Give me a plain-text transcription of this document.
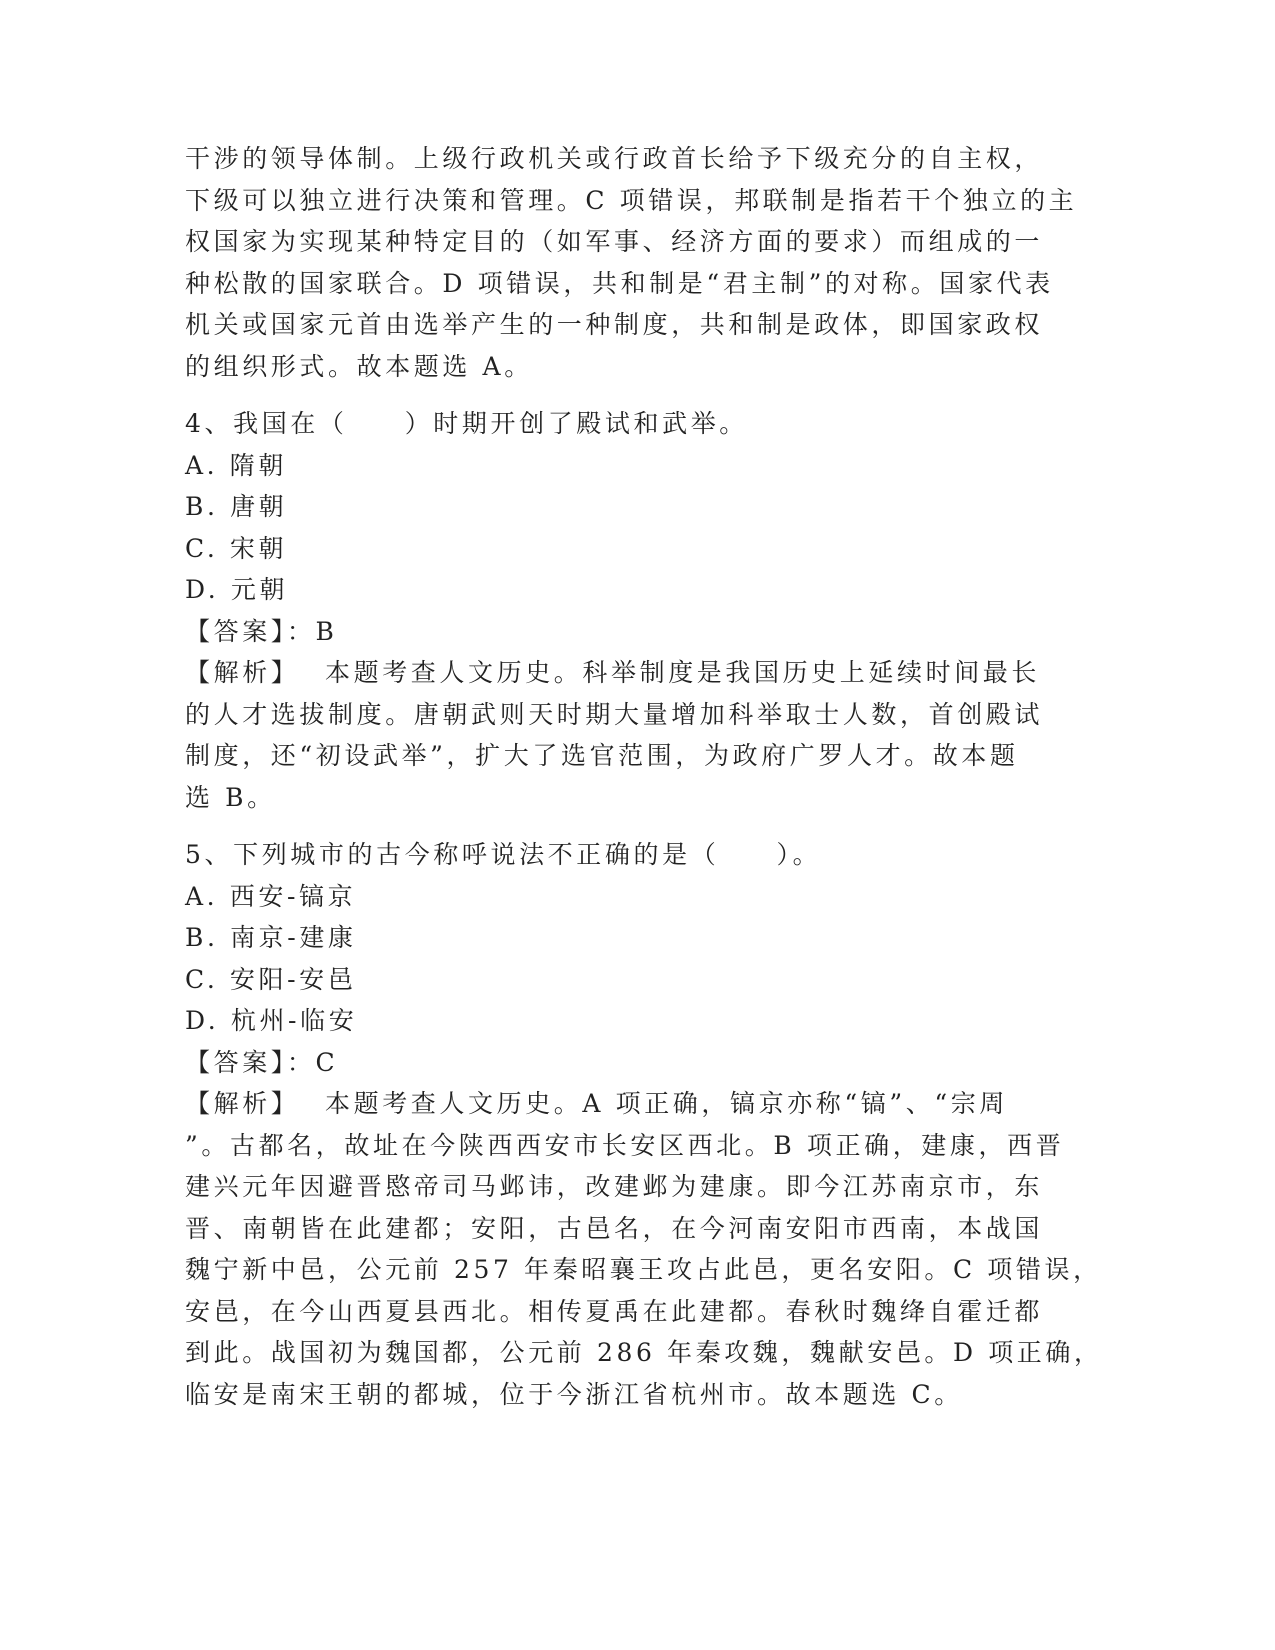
干涉的领导体制。上级行政机关或行政首长给予下级充分的自主权，

下级可以独立进行决策和管理。C 项错误，邦联制是指若干个独立的主

权国家为实现某种特定目的（如军事、经济方面的要求）而组成的一

种松散的国家联合。D 项错误，共和制是“君主制”的对称。国家代表

机关或国家元首由选举产生的一种制度，共和制是政体，即国家政权

的组织形式。故本题选 A。

4、我国在（　　）时期开创了殿试和武举。

A. 隋朝

B. 唐朝

C. 宋朝

D. 元朝

【答案】：B

【解析】 本题考查人文历史。科举制度是我国历史上延续时间最长

的人才选拔制度。唐朝武则天时期大量增加科举取士人数，首创殿试

制度，还“初设武举”，扩大了选官范围，为政府广罗人才。故本题

选 B。

5、下列城市的古今称呼说法不正确的是（　　）。

A. 西安-镐京

B. 南京-建康

C. 安阳-安邑

D. 杭州-临安

【答案】：C

【解析】 本题考查人文历史。A 项正确，镐京亦称“镐”、“宗周

”。古都名，故址在今陕西西安市长安区西北。B 项正确，建康，西晋

建兴元年因避晋愍帝司马邺讳，改建邺为建康。即今江苏南京市，东

晋、南朝皆在此建都；安阳，古邑名，在今河南安阳市西南，本战国

魏宁新中邑，公元前 257 年秦昭襄王攻占此邑，更名安阳。C 项错误，

安邑，在今山西夏县西北。相传夏禹在此建都。春秋时魏绛自霍迁都

到此。战国初为魏国都，公元前 286 年秦攻魏，魏献安邑。D 项正确，

临安是南宋王朝的都城，位于今浙江省杭州市。故本题选 C。
